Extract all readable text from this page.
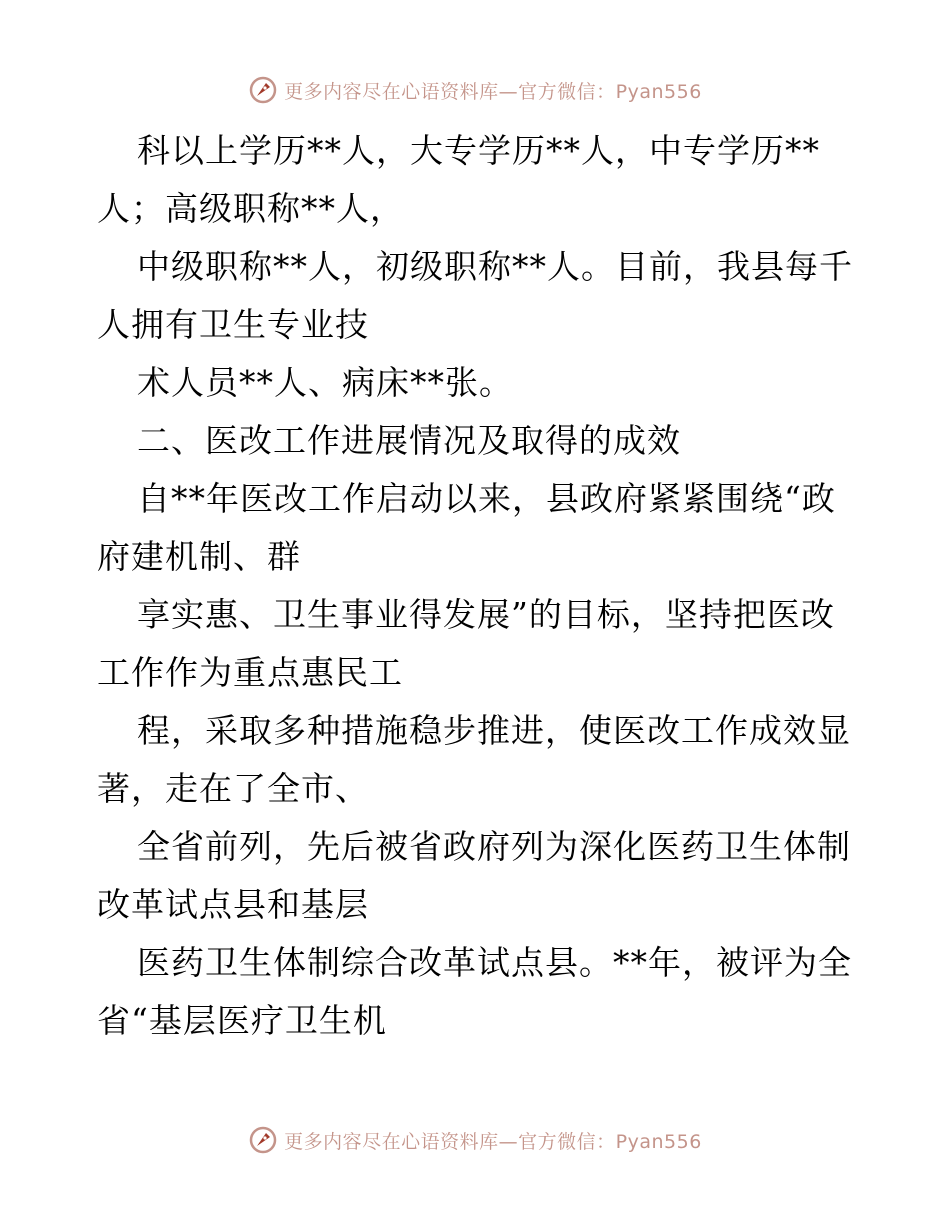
更多内容尽在心语资料库—官方微信：Pyan556

科以上学历**人，大专学历**人，中专学历**
人；高级职称**人，

中级职称**人，初级职称**人。目前，我县每千
人拥有卫生专业技

术人员**人、病床**张。

二、医改工作进展情况及取得的成效

自**年医改工作启动以来，县政府紧紧围绕“政
府建机制、群

享实惠、卫生事业得发展”的目标，坚持把医改
工作作为重点惠民工

程，采取多种措施稳步推进，使医改工作成效显
著，走在了全市、

全省前列，先后被省政府列为深化医药卫生体制
改革试点县和基层

医药卫生体制综合改革试点县。**年，被评为全
省“基层医疗卫生机

更多内容尽在心语资料库—官方微信：Pyan556
